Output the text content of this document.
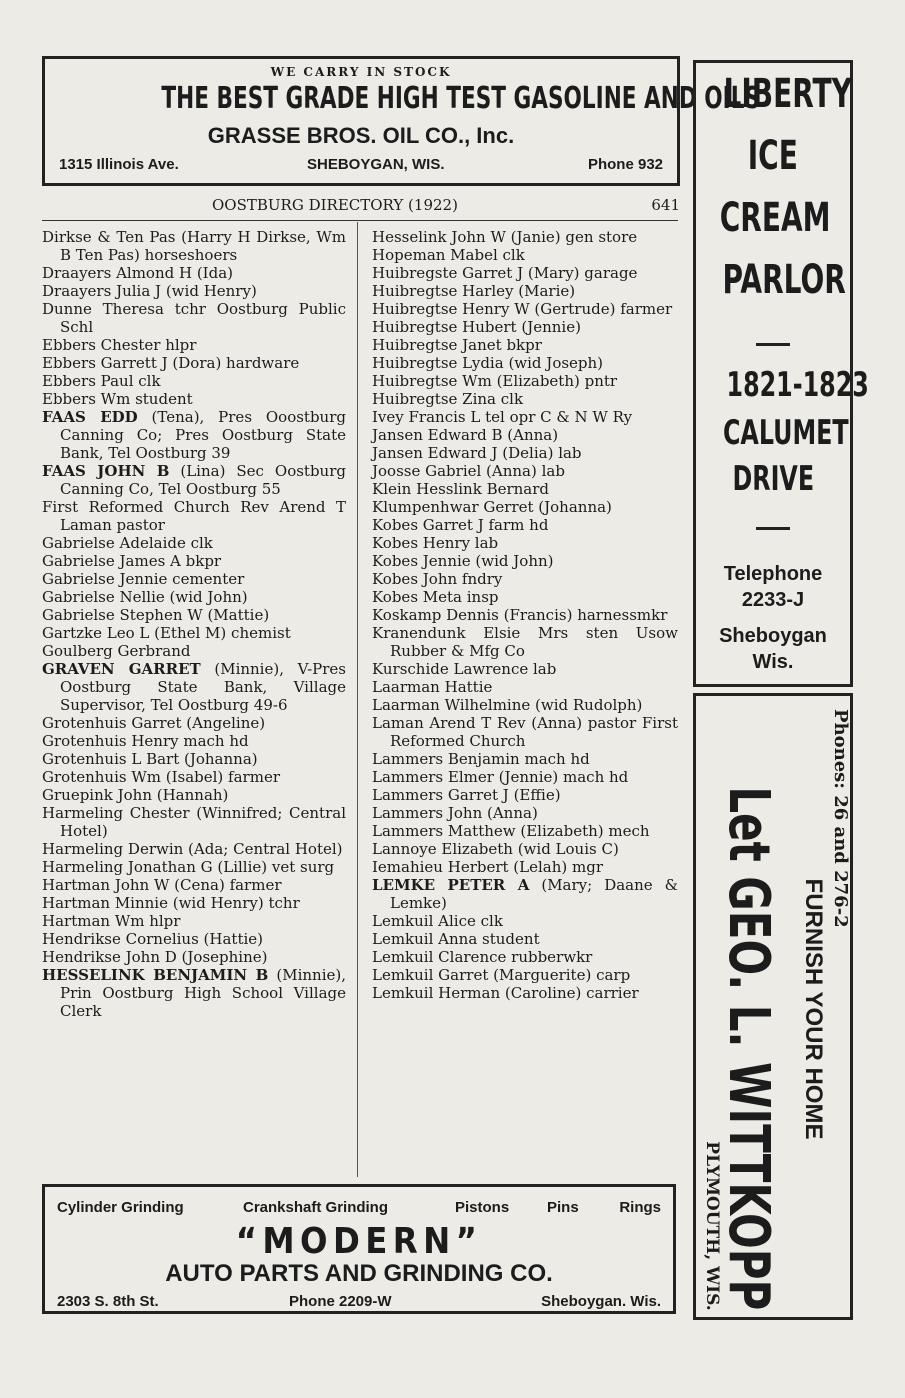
WE CARRY IN STOCK
THE BEST GRADE HIGH TEST GASOLINE AND OILS
GRASSE BROS. OIL CO., Inc.
1315 Illinois Ave.	SHEBOYGAN, WIS.	Phone 932
OOSTBURG DIRECTORY (1922)	641
Dirkse & Ten Pas (Harry H Dirkse, Wm B Ten Pas) horseshoers
Draayers Almond H (Ida)
Draayers Julia J (wid Henry)
Dunne Theresa tchr Oostburg Public Schl
Ebbers Chester hlpr
Ebbers Garrett J (Dora) hardware
Ebbers Paul clk
Ebbers Wm student
FAAS EDD (Tena), Pres Ooostburg Canning Co; Pres Oostburg State Bank, Tel Oostburg 39
FAAS JOHN B (Lina) Sec Oostburg Canning Co, Tel Oostburg 55
First Reformed Church Rev Arend T Laman pastor
Gabrielse Adelaide clk
Gabrielse James A bkpr
Gabrielse Jennie cementer
Gabrielse Nellie (wid John)
Gabrielse Stephen W (Mattie)
Gartzke Leo L (Ethel M) chemist
Goulberg Gerbrand
GRAVEN GARRET (Minnie), V-Pres Oostburg State Bank, Village Supervisor, Tel Oostburg 49-6
Grotenhuis Garret (Angeline)
Grotenhuis Henry mach hd
Grotenhuis L Bart (Johanna)
Grotenhuis Wm (Isabel) farmer
Gruepink John (Hannah)
Harmeling Chester (Winnifred; Central Hotel)
Harmeling Derwin (Ada; Central Hotel)
Harmeling Jonathan G (Lillie) vet surg
Hartman John W (Cena) farmer
Hartman Minnie (wid Henry) tchr
Hartman Wm hlpr
Hendrikse Cornelius (Hattie)
Hendrikse John D (Josephine)
HESSELINK BENJAMIN B (Minnie), Prin Oostburg High School Village Clerk
Hesselink John W (Janie) gen store
Hopeman Mabel clk
Huibregste Garret J (Mary) garage
Huibregtse Harley (Marie)
Huibregtse Henry W (Gertrude) farmer
Huibregtse Hubert (Jennie)
Huibregtse Janet bkpr
Huibregtse Lydia (wid Joseph)
Huibregtse Wm (Elizabeth) pntr
Huibregtse Zina clk
Ivey Francis L tel opr C & N W Ry
Jansen Edward B (Anna)
Jansen Edward J (Delia) lab
Joosse Gabriel (Anna) lab
Klein Hesslink Bernard
Klumpenhwar Gerret (Johanna)
Kobes Garret J farm hd
Kobes Henry lab
Kobes Jennie (wid John)
Kobes John fndry
Kobes Meta insp
Koskamp Dennis (Francis) harnessmkr
Kranendunk Elsie Mrs sten Usow Rubber & Mfg Co
Kurschide Lawrence lab
Laarman Hattie
Laarman Wilhelmine (wid Rudolph)
Laman Arend T Rev (Anna) pastor First Reformed Church
Lammers Benjamin mach hd
Lammers Elmer (Jennie) mach hd
Lammers Garret J (Effie)
Lammers John (Anna)
Lammers Matthew (Elizabeth) mech
Lannoye Elizabeth (wid Louis C)
Iemahieu Herbert (Lelah) mgr
LEMKE PETER A (Mary; Daane & Lemke)
Lemkuil Alice clk
Lemkuil Anna student
Lemkuil Clarence rubberwkr
Lemkuil Garret (Marguerite) carp
Lemkuil Herman (Caroline) carrier
Cylinder Grinding	Crankshaft Grinding	Pistons	Pins	Rings
“MODERN”
AUTO PARTS AND GRINDING CO.
2303 S. 8th St.	Phone 2209-W	Sheboygan. Wis.
LIBERTY
ICE
CREAM
PARLOR
1821-1823
CALUMET
DRIVE
Telephone
2233-J
Sheboygan
Wis.
Phones: 26 and 276-2
FURNISH YOUR HOME
Let GEO. L. WITTKOPP
PLYMOUTH, WIS.
